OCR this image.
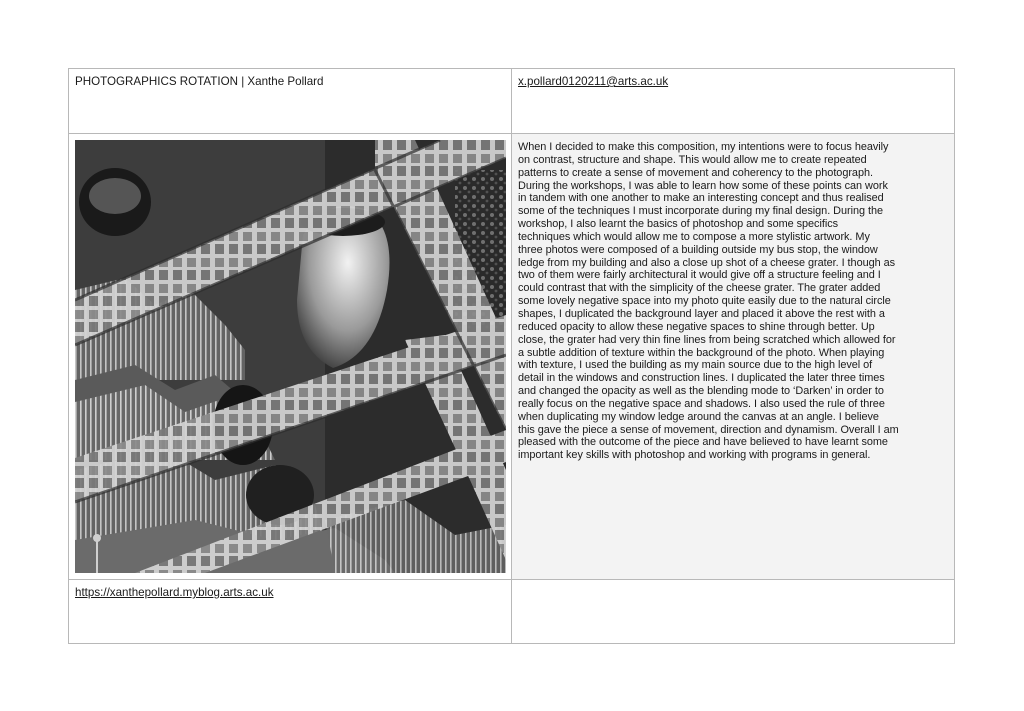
PHOTOGRAPHICS ROTATION | Xanthe Pollard	x.pollard0120211@arts.ac.uk
When I decided to make this composition, my intentions were to focus heavily
on contrast, structure and shape. This would allow me to create repeated
patterns to create a sense of movement and coherency to the photograph.
During the workshops, I was able to learn how some of these points can work
in tandem with one another to make an interesting concept and thus realised
some of the techniques I must incorporate during my final design. During the
workshop, I also learnt the basics of photoshop and some specifics
techniques which would allow me to compose a more stylistic artwork. My
three photos were composed of a building outside my bus stop, the window
ledge from my building and also a close up shot of a cheese grater. I though as
two of them were fairly architectural it would give off a structure feeling and I
could contrast that with the simplicity of the cheese grater. The grater added
some lovely negative space into my photo quite easily due to the natural circle
shapes, I duplicated the background layer and placed it above the rest with a
reduced opacity to allow these negative spaces to shine through better. Up
close, the grater had very thin fine lines from being scratched which allowed for
a subtle addition of texture within the background of the photo. When playing
with texture, I used the building as my main source due to the high level of
detail in the windows and construction lines. I duplicated the later three times
and changed the opacity as well as the blending mode to ‘Darken’ in order to
really focus on the negative space and shadows. I also used the rule of three
when duplicating my window ledge around the canvas at an angle. I believe
this gave the piece a sense of movement, direction and dynamism. Overall I am
pleased with the outcome of the piece and have believed to have learnt some
important key skills with photoshop and working with programs in general.
https://xanthepollard.myblog.arts.ac.uk
